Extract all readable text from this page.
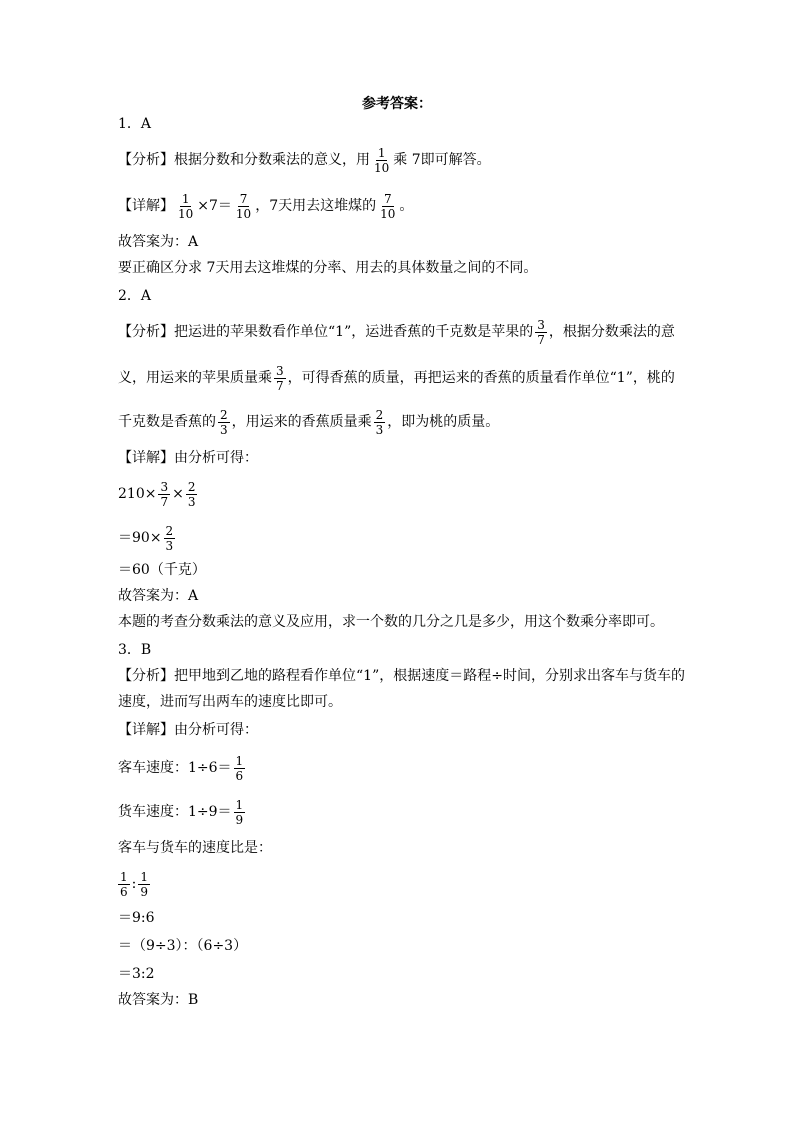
参考答案：
1．A
【分析】 根据分数和分数乘法的意义，用 $\frac{1}{10}$ 乘 7即可解答。
【详解】 $\frac{1}{10} \times 7= \frac{7}{10}$ ，7天用去这堆煤的 $\frac{7}{10}$ 。
故答案为：A
要正确区分求 7天用去这堆煤的分率、用去的具体数量之间的不同。
2．A
【分析】 把运进的苹果数看作单位“1”，运进香蕉的千克数是苹果的 $\frac{3}{7}$ ，根据分数乘法的意
义，用运来的苹果质量乘 $\frac{3}{7}$ ，可得香蕉的质量，再把运来的香蕉的质量看作单位“1”，桃的
千克数是香蕉的 $\frac{2}{3}$ ，用运来的香蕉质量乘 $\frac{2}{3}$ ，即为桃的质量。
【详解】 由分析可得：
$210\times \frac{3}{7} \times \frac{2}{3}$
$=90\times \frac{2}{3}$
＝60（千克）
故答案为：A
本题的考查分数乘法的意义及应用，求一个数的几分之几是多少，用这个数乘分率即可。
3．B
【分析】 把甲地到乙地的路程看作单位“1”，根据速度＝路程÷时间，分别求出客车与货车的
速度，进而写出两车的速度比即可。
【详解】 由分析可得：
客车速度：$1\div 6= \frac{1}{6}$
货车速度：$1\div 9= \frac{1}{9}$
客车与货车的速度比是：
$\frac{1}{6}$ : $\frac{1}{9}$
＝9:6
＝（9÷3）：（6÷3）
＝3:2
故答案为：B
